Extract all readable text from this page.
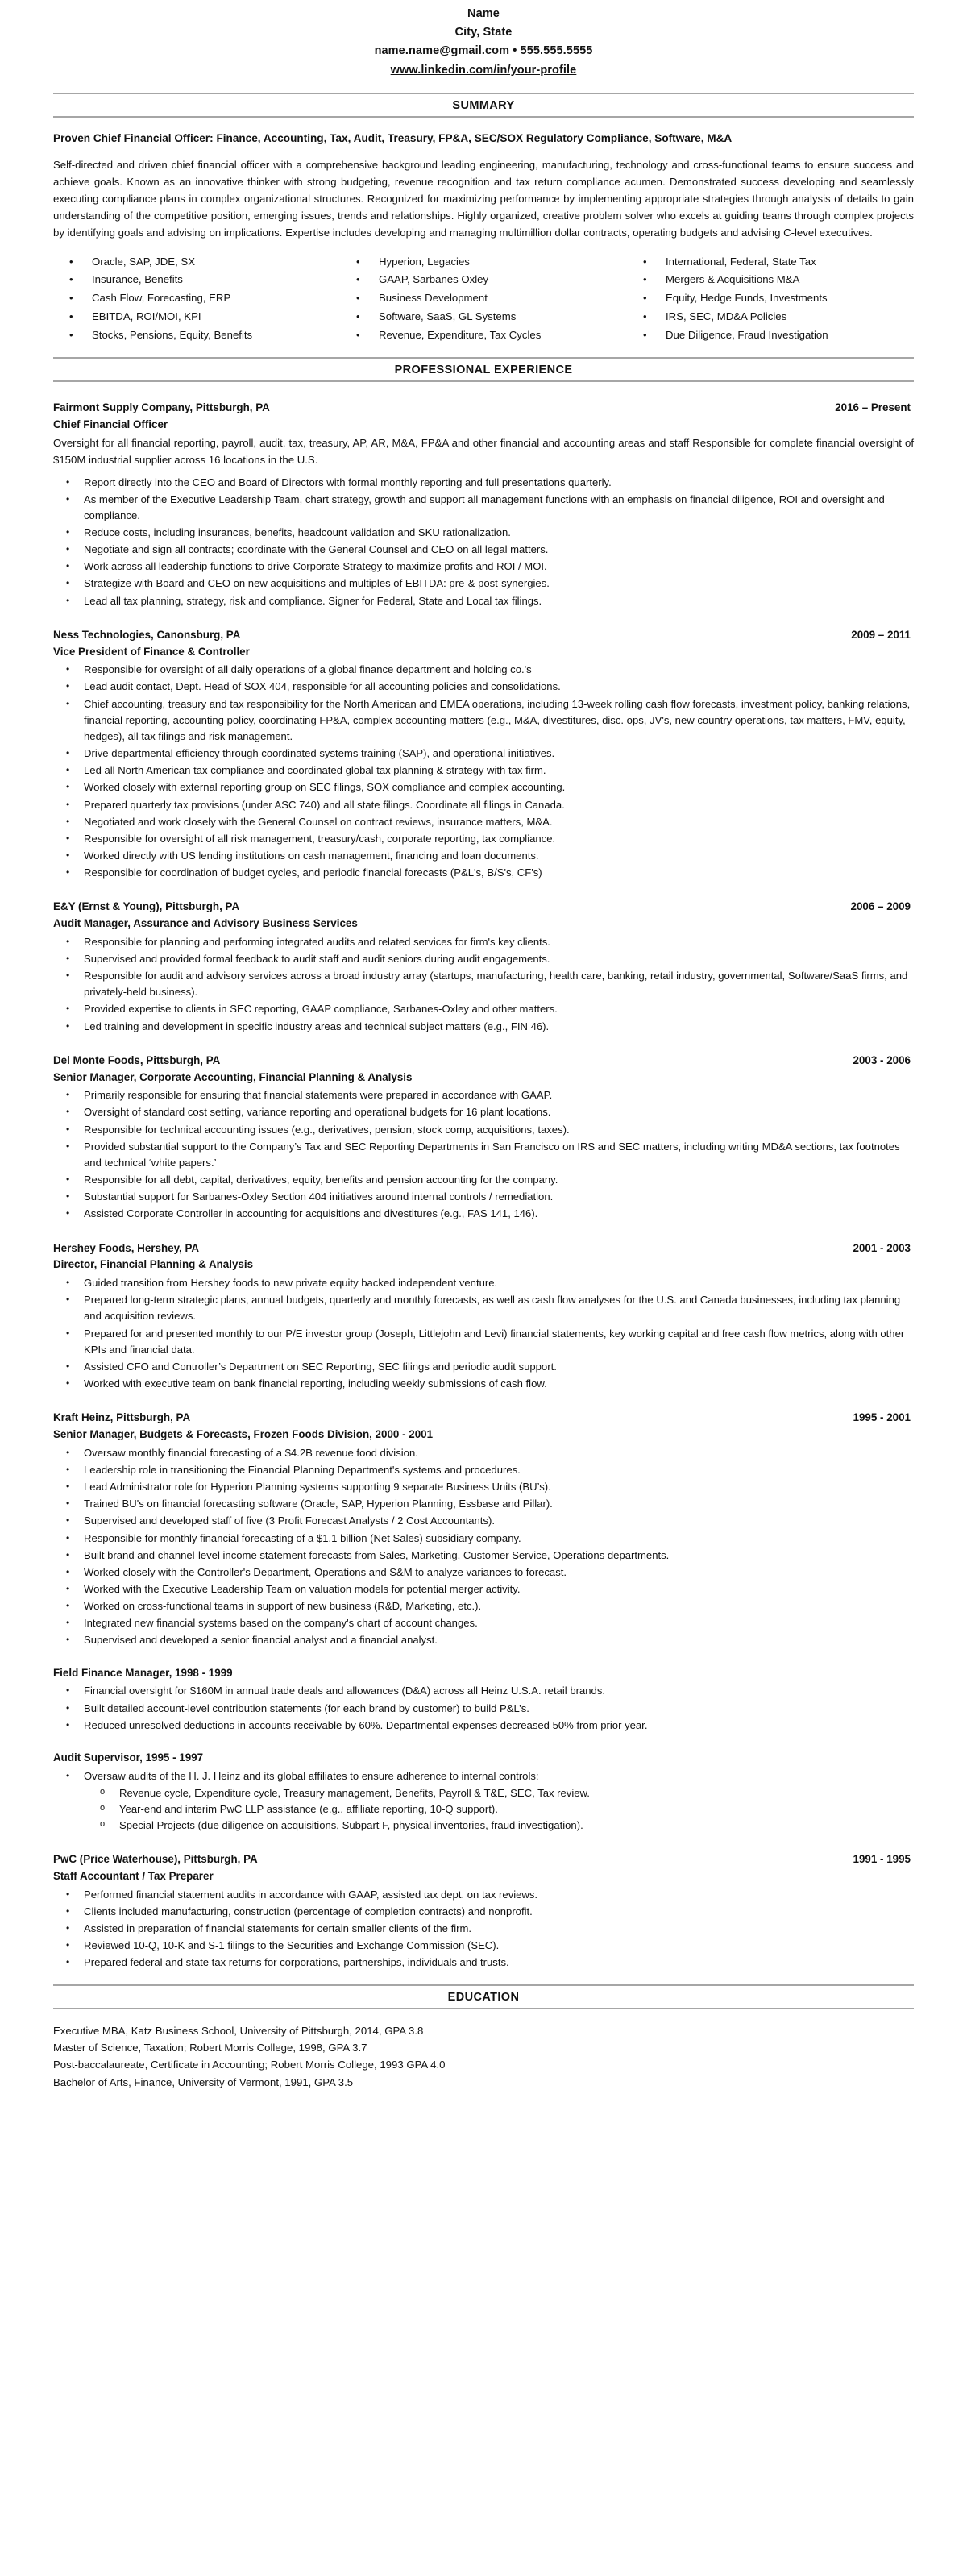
Name
City, State
name.name@gmail.com • 555.555.5555
www.linkedin.com/in/your-profile
SUMMARY
Proven Chief Financial Officer: Finance, Accounting, Tax, Audit, Treasury, FP&A, SEC/SOX Regulatory Compliance, Software, M&A
Self-directed and driven chief financial officer with a comprehensive background leading engineering, manufacturing, technology and cross-functional teams to ensure success and achieve goals. Known as an innovative thinker with strong budgeting, revenue recognition and tax return compliance acumen. Demonstrated success developing and seamlessly executing compliance plans in complex organizational structures. Recognized for maximizing performance by implementing appropriate strategies through analysis of details to gain understanding of the competitive position, emerging issues, trends and relationships. Highly organized, creative problem solver who excels at guiding teams through complex projects by identifying goals and advising on implications. Expertise includes developing and managing multimillion dollar contracts, operating budgets and advising C-level executives.
• Oracle, SAP, JDE, SX
• Insurance, Benefits
• Cash Flow, Forecasting, ERP
• EBITDA, ROI/MOI, KPI
• Stocks, Pensions, Equity, Benefits
• Hyperion, Legacies
• GAAP, Sarbanes Oxley
• Business Development
• Software, SaaS, GL Systems
• Revenue, Expenditure, Tax Cycles
• International, Federal, State Tax
• Mergers & Acquisitions M&A
• Equity, Hedge Funds, Investments
• IRS, SEC, MD&A Policies
• Due Diligence, Fraud Investigation
PROFESSIONAL EXPERIENCE
Fairmont Supply Company, Pittsburgh, PA	2016 – Present
Chief Financial Officer
Oversight for all financial reporting, payroll, audit, tax, treasury, AP, AR, M&A, FP&A and other financial and accounting areas and staff Responsible for complete financial oversight of $150M industrial supplier across 16 locations in the U.S.
• Report directly into the CEO and Board of Directors with formal monthly reporting and full presentations quarterly.
• As member of the Executive Leadership Team, chart strategy, growth and support all management functions with an emphasis on financial diligence, ROI and oversight and compliance.
• Reduce costs, including insurances, benefits, headcount validation and SKU rationalization.
• Negotiate and sign all contracts; coordinate with the General Counsel and CEO on all legal matters.
• Work across all leadership functions to drive Corporate Strategy to maximize profits and ROI / MOI.
• Strategize with Board and CEO on new acquisitions and multiples of EBITDA: pre-& post-synergies.
• Lead all tax planning, strategy, risk and compliance. Signer for Federal, State and Local tax filings.
Ness Technologies, Canonsburg, PA	2009 – 2011
Vice President of Finance & Controller
• Responsible for oversight of all daily operations of a global finance department and holding co.'s
• Lead audit contact, Dept. Head of SOX 404, responsible for all accounting policies and consolidations.
• Chief accounting, treasury and tax responsibility for the North American and EMEA operations, including 13-week rolling cash flow forecasts, investment policy, banking relations, financial reporting, accounting policy, coordinating FP&A, complex accounting matters (e.g., M&A, divestitures, disc. ops, JV's, new country operations, tax matters, FMV, equity, hedges), all tax filings and risk management.
• Drive departmental efficiency through coordinated systems training (SAP), and operational initiatives.
• Led all North American tax compliance and coordinated global tax planning & strategy with tax firm.
• Worked closely with external reporting group on SEC filings, SOX compliance and complex accounting.
• Prepared quarterly tax provisions (under ASC 740) and all state filings. Coordinate all filings in Canada.
• Negotiated and work closely with the General Counsel on contract reviews, insurance matters, M&A.
• Responsible for oversight of all risk management, treasury/cash, corporate reporting, tax compliance.
• Worked directly with US lending institutions on cash management, financing and loan documents.
• Responsible for coordination of budget cycles, and periodic financial forecasts (P&L's, B/S's, CF's)
E&Y (Ernst & Young), Pittsburgh, PA	2006 – 2009
Audit Manager, Assurance and Advisory Business Services
• Responsible for planning and performing integrated audits and related services for firm's key clients.
• Supervised and provided formal feedback to audit staff and audit seniors during audit engagements.
• Responsible for audit and advisory services across a broad industry array (startups, manufacturing, health care, banking, retail industry, governmental, Software/SaaS firms, and privately-held business).
• Provided expertise to clients in SEC reporting, GAAP compliance, Sarbanes-Oxley and other matters.
• Led training and development in specific industry areas and technical subject matters (e.g., FIN 46).
Del Monte Foods, Pittsburgh, PA	2003 - 2006
Senior Manager, Corporate Accounting, Financial Planning & Analysis
• Primarily responsible for ensuring that financial statements were prepared in accordance with GAAP.
• Oversight of standard cost setting, variance reporting and operational budgets for 16 plant locations.
• Responsible for technical accounting issues (e.g., derivatives, pension, stock comp, acquisitions, taxes).
• Provided substantial support to the Company’s Tax and SEC Reporting Departments in San Francisco on IRS and SEC matters, including writing MD&A sections, tax footnotes and technical ‘white papers.’
• Responsible for all debt, capital, derivatives, equity, benefits and pension accounting for the company.
• Substantial support for Sarbanes-Oxley Section 404 initiatives around internal controls / remediation.
• Assisted Corporate Controller in accounting for acquisitions and divestitures (e.g., FAS 141, 146).
Hershey Foods, Hershey, PA	2001 - 2003
Director, Financial Planning & Analysis
• Guided transition from Hershey foods to new private equity backed independent venture.
• Prepared long-term strategic plans, annual budgets, quarterly and monthly forecasts, as well as cash flow analyses for the U.S. and Canada businesses, including tax planning and acquisition reviews.
• Prepared for and presented monthly to our P/E investor group (Joseph, Littlejohn and Levi) financial statements, key working capital and free cash flow metrics, along with other KPIs and financial data.
• Assisted CFO and Controller’s Department on SEC Reporting, SEC filings and periodic audit support.
• Worked with executive team on bank financial reporting, including weekly submissions of cash flow.
Kraft Heinz, Pittsburgh, PA	1995 - 2001
Senior Manager, Budgets & Forecasts, Frozen Foods Division, 2000 - 2001
• Oversaw monthly financial forecasting of a $4.2B revenue food division.
• Leadership role in transitioning the Financial Planning Department's systems and procedures.
• Lead Administrator role for Hyperion Planning systems supporting 9 separate Business Units (BU’s).
• Trained BU's on financial forecasting software (Oracle, SAP, Hyperion Planning, Essbase and Pillar).
• Supervised and developed staff of five (3 Profit Forecast Analysts / 2 Cost Accountants).
• Responsible for monthly financial forecasting of a $1.1 billion (Net Sales) subsidiary company.
• Built brand and channel-level income statement forecasts from Sales, Marketing, Customer Service, Operations departments.
• Worked closely with the Controller's Department, Operations and S&M to analyze variances to forecast.
• Worked with the Executive Leadership Team on valuation models for potential merger activity.
• Worked on cross-functional teams in support of new business (R&D, Marketing, etc.).
• Integrated new financial systems based on the company's chart of account changes.
• Supervised and developed a senior financial analyst and a financial analyst.
Field Finance Manager, 1998 - 1999
• Financial oversight for $160M in annual trade deals and allowances (D&A) across all Heinz U.S.A. retail brands.
• Built detailed account-level contribution statements (for each brand by customer) to build P&L’s.
• Reduced unresolved deductions in accounts receivable by 60%. Departmental expenses decreased 50% from prior year.
Audit Supervisor, 1995 - 1997
• Oversaw audits of the H. J. Heinz and its global affiliates to ensure adherence to internal controls:
o Revenue cycle, Expenditure cycle, Treasury management, Benefits, Payroll & T&E, SEC, Tax review.
o Year-end and interim PwC LLP assistance (e.g., affiliate reporting, 10-Q support).
o Special Projects (due diligence on acquisitions, Subpart F, physical inventories, fraud investigation).
PwC (Price Waterhouse), Pittsburgh, PA	1991 - 1995
Staff Accountant / Tax Preparer
• Performed financial statement audits in accordance with GAAP, assisted tax dept. on tax reviews.
• Clients included manufacturing, construction (percentage of completion contracts) and nonprofit.
• Assisted in preparation of financial statements for certain smaller clients of the firm.
• Reviewed 10-Q, 10-K and S-1 filings to the Securities and Exchange Commission (SEC).
• Prepared federal and state tax returns for corporations, partnerships, individuals and trusts.
EDUCATION
Executive MBA, Katz Business School, University of Pittsburgh, 2014, GPA 3.8
Master of Science, Taxation; Robert Morris College, 1998, GPA 3.7
Post-baccalaureate, Certificate in Accounting; Robert Morris College, 1993 GPA 4.0
Bachelor of Arts, Finance, University of Vermont, 1991, GPA 3.5
